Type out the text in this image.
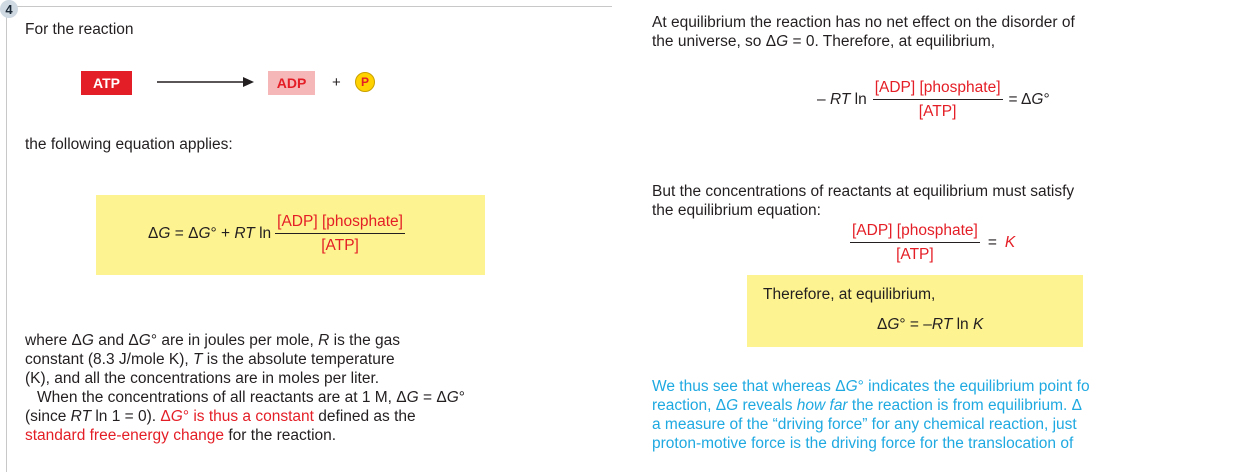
4
For the reaction
ATP	ADP	+	P
the following equation applies:
ΔG = ΔG° + RT $\ln \frac{\text{[ADP] [phosphate]}}{\text{[ATP]}}$
where ΔG and ΔG° are in joules per mole, R is the gas
constant (8.3 J/mole K), T is the absolute temperature
(K), and all the concentrations are in moles per liter.
When the concentrations of all reactants are at 1 M, ΔG = ΔG°
(since RT ln 1 = 0). ΔG° is thus a constant defined as the
standard free-energy change for the reaction.
At equilibrium the reaction has no net effect on the disorder of
the universe, so ΔG = 0. Therefore, at equilibrium,
– RT $\ln \frac{\text{[ADP] [phosphate]}}{\text{[ATP]}} = \Delta G^\circ$
But the concentrations of reactants at equilibrium must satisfy
the equilibrium equation:
$\frac{\text{[ADP] [phosphate]}}{\text{[ATP]}} = K$
Therefore, at equilibrium,
ΔG° = –RT ln K
We thus see that whereas ΔG° indicates the equilibrium point fo
reaction, ΔG reveals how far the reaction is from equilibrium. Δ
a measure of the “driving force” for any chemical reaction, just
proton-motive force is the driving force for the translocation of
